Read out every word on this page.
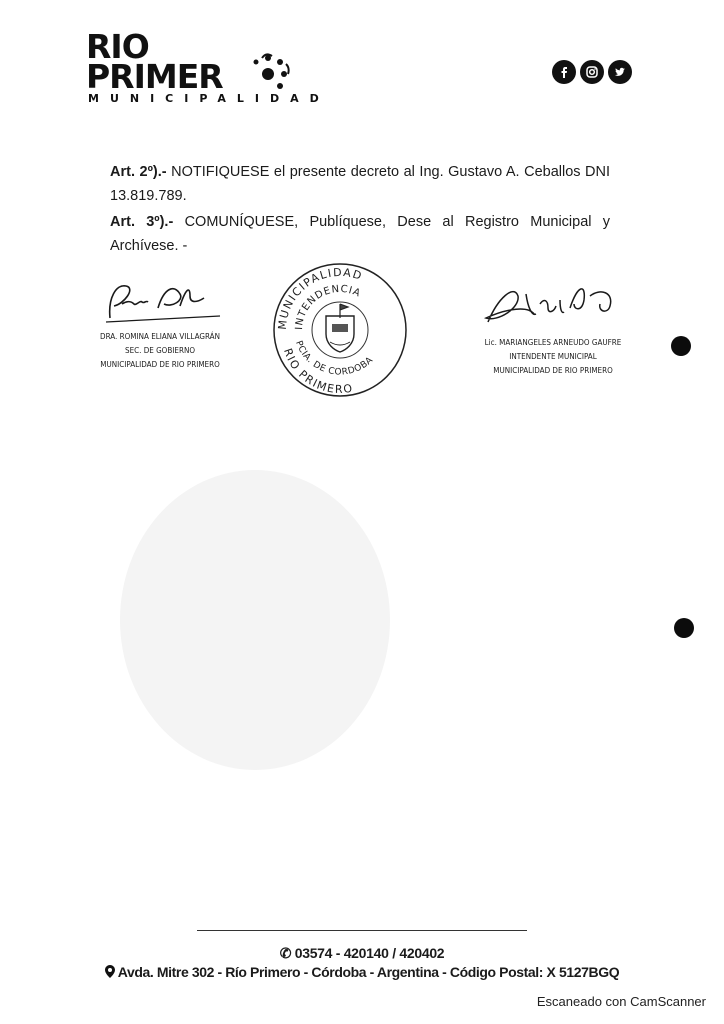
RIO
PRIMER
MUNICIPALIDAD
Art. 2º).- NOTIFIQUESE el presente decreto al Ing. Gustavo A. Ceballos DNI 13.819.789.
Art. 3º).- COMUNÍQUESE, Publíquese, Dese al Registro Municipal y Archívese. -
DRA. ROMINA ELIANA VILLAGRÁN
SEC. DE GOBIERNO
MUNICIPALIDAD DE RIO PRIMERO
MUNICIPALIDAD
INTENDENCIA
PCIA. DE CORDOBA
RIO PRIMERO
Lic. MARIANGELES ARNEUDO GAUFRE
INTENDENTE MUNICIPAL
MUNICIPALIDAD DE RIO PRIMERO
✆ 03574 - 420140 / 420402
Avda. Mitre 302 - Río Primero - Córdoba - Argentina - Código Postal: X 5127BGQ
Escaneado con CamScanner
